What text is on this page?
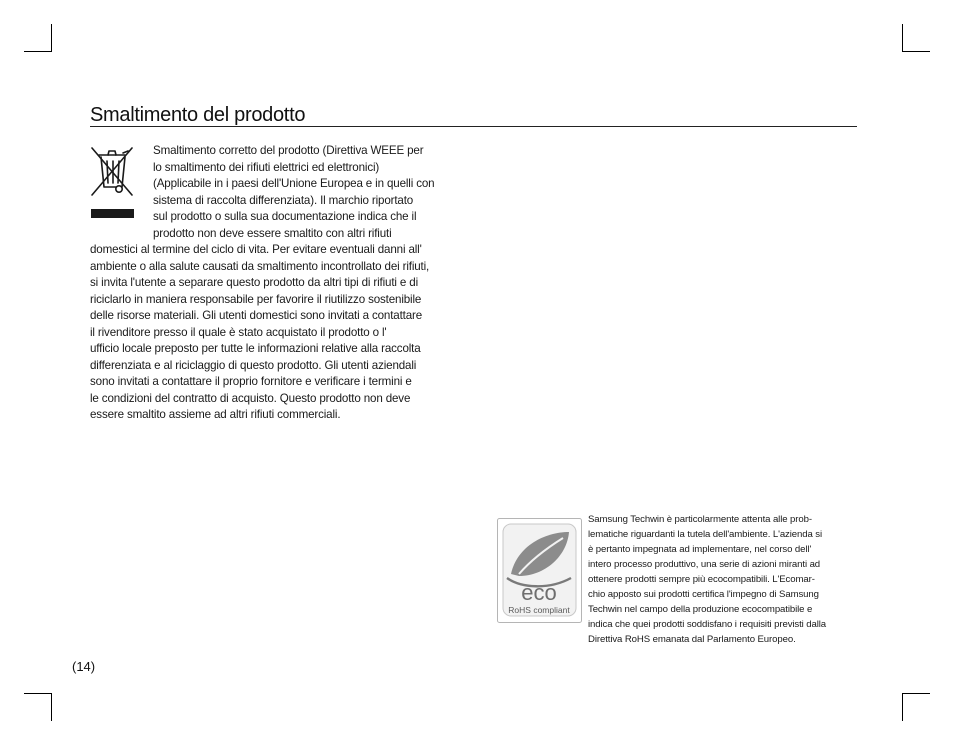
Smaltimento del prodotto
Smaltimento corretto del prodotto (Direttiva WEEE per
lo smaltimento dei rifiuti elettrici ed elettronici)
(Applicabile in i paesi dell'Unione Europea e in quelli con
sistema di raccolta differenziata). Il marchio riportato
sul prodotto o sulla sua documentazione indica che il
prodotto non deve essere smaltito con altri rifiuti
domestici al termine del ciclo di vita. Per evitare eventuali danni all'
ambiente o alla salute causati da smaltimento incontrollato dei rifiuti,
si invita l'utente a separare questo prodotto da altri tipi di rifiuti e di
riciclarlo in maniera responsabile per favorire il riutilizzo sostenibile
delle risorse materiali. Gli utenti domestici sono invitati a contattare
il rivenditore presso il quale è stato acquistato il prodotto o l'
ufficio locale preposto per tutte le informazioni relative alla raccolta
differenziata e al riciclaggio di questo prodotto. Gli utenti aziendali
sono invitati a contattare il proprio fornitore e verificare i termini e
le condizioni del contratto di acquisto. Questo prodotto non deve
essere smaltito assieme ad altri rifiuti commerciali.
eco
RoHS compliant
Samsung Techwin è particolarmente attenta alle prob-
lematiche riguardanti la tutela dell'ambiente. L'azienda si
è pertanto impegnata ad implementare, nel corso dell'
intero processo produttivo, una serie di azioni miranti ad
ottenere prodotti sempre più ecocompatibili. L'Ecomar-
chio apposto sui prodotti certifica l'impegno di Samsung
Techwin nel campo della produzione ecocompatibile e
indica che quei prodotti soddisfano i requisiti previsti dalla
Direttiva RoHS emanata dal Parlamento Europeo.
(14)
